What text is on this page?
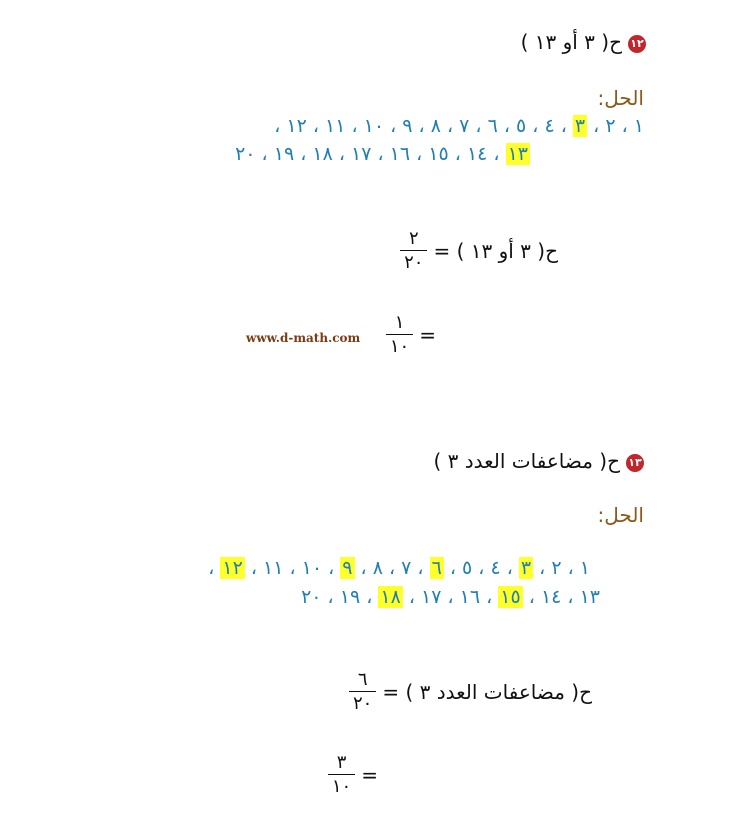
١٢ح( ٣ أو ١٣ )
الحل:
١ ، ٢ ، ٣ ، ٤ ، ٥ ، ٦ ، ٧ ، ٨ ، ٩ ، ١٠ ، ١١ ، ١٢ ،
١٣ ، ١٤ ، ١٥ ، ١٦ ، ١٧ ، ١٨ ، ١٩ ، ٢٠
ح( ٣ أو ١٣ ) =
$\frac{٢}{٢٠}$
=
$\frac{١}{١٠}$
www.d-math.com
١٣ح( مضاعفات العدد ٣ )
الحل:
١ ، ٢ ، ٣ ، ٤ ، ٥ ، ٦ ، ٧ ، ٨ ، ٩ ، ١٠ ، ١١ ، ١٢ ،
١٣ ، ١٤ ، ١٥ ، ١٦ ، ١٧ ، ١٨ ، ١٩ ، ٢٠
ح( مضاعفات العدد ٣ ) =
$\frac{٦}{٢٠}$
=
$\frac{٣}{١٠}$
